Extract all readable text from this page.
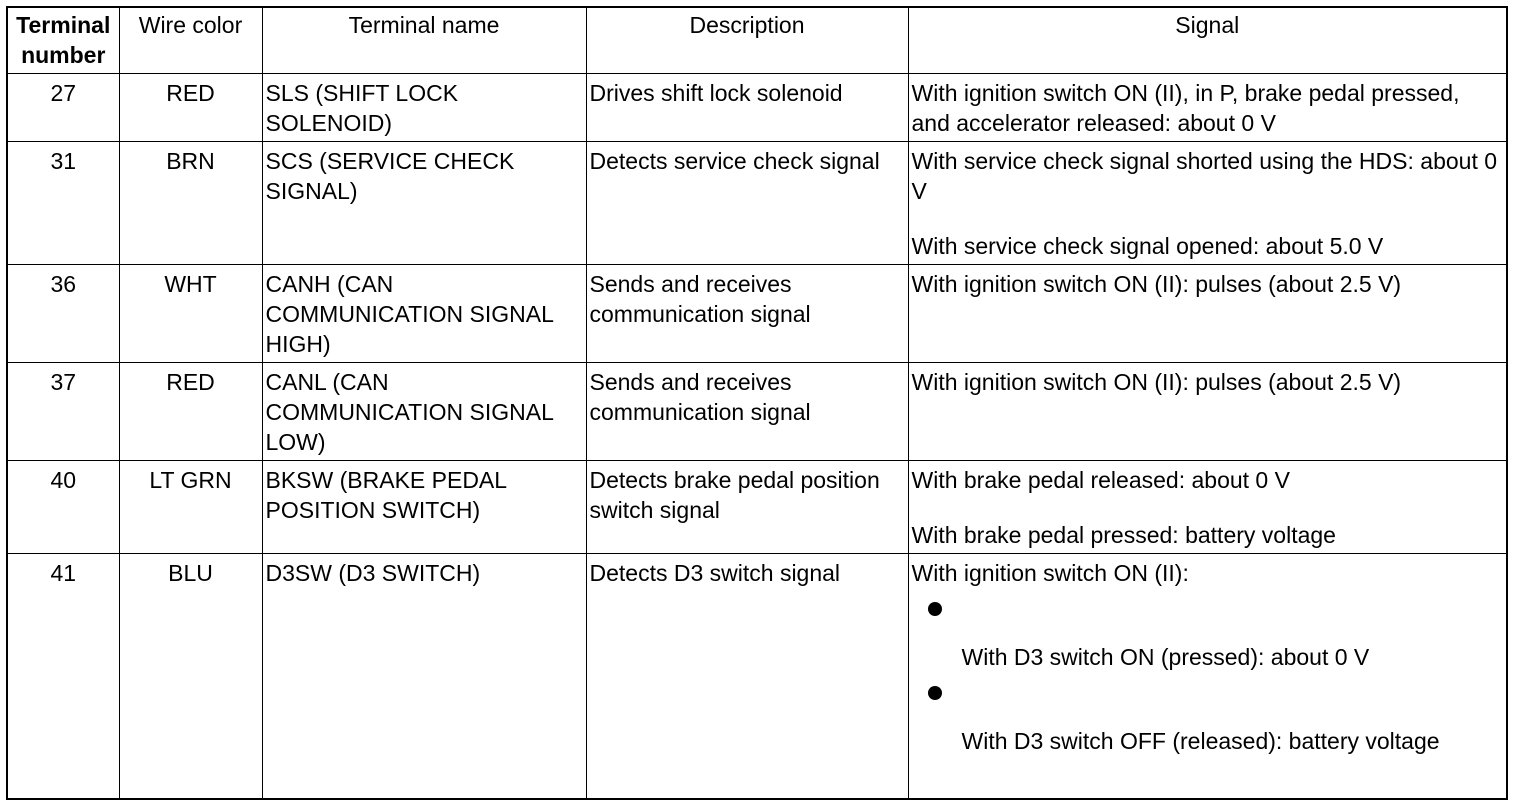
Terminal number	Wire color	Terminal name	Description	Signal
27	RED	SLS (SHIFT LOCK SOLENOID)	Drives shift lock solenoid	With ignition switch ON (II), in P, brake pedal pressed, and accelerator released: about 0 V

31	BRN	SCS (SERVICE CHECK SIGNAL)	Detects service check signal	With service check signal shorted using the HDS: about 0 V
With service check signal opened: about 5.0 V

36	WHT	CANH (CAN COMMUNICATION SIGNAL HIGH)	Sends and receives communication signal	With ignition switch ON (II): pulses (about 2.5 V)

37	RED	CANL (CAN COMMUNICATION SIGNAL LOW)	Sends and receives communication signal	With ignition switch ON (II): pulses (about 2.5 V)

40	LT GRN	BKSW (BRAKE PEDAL POSITION SWITCH)	Detects brake pedal position switch signal	With brake pedal released: about 0 V
With brake pedal pressed: battery voltage

41	BLU	D3SW (D3 SWITCH)	Detects D3 switch signal	With ignition switch ON (II):
With D3 switch ON (pressed): about 0 V
With D3 switch OFF (released): battery voltage
